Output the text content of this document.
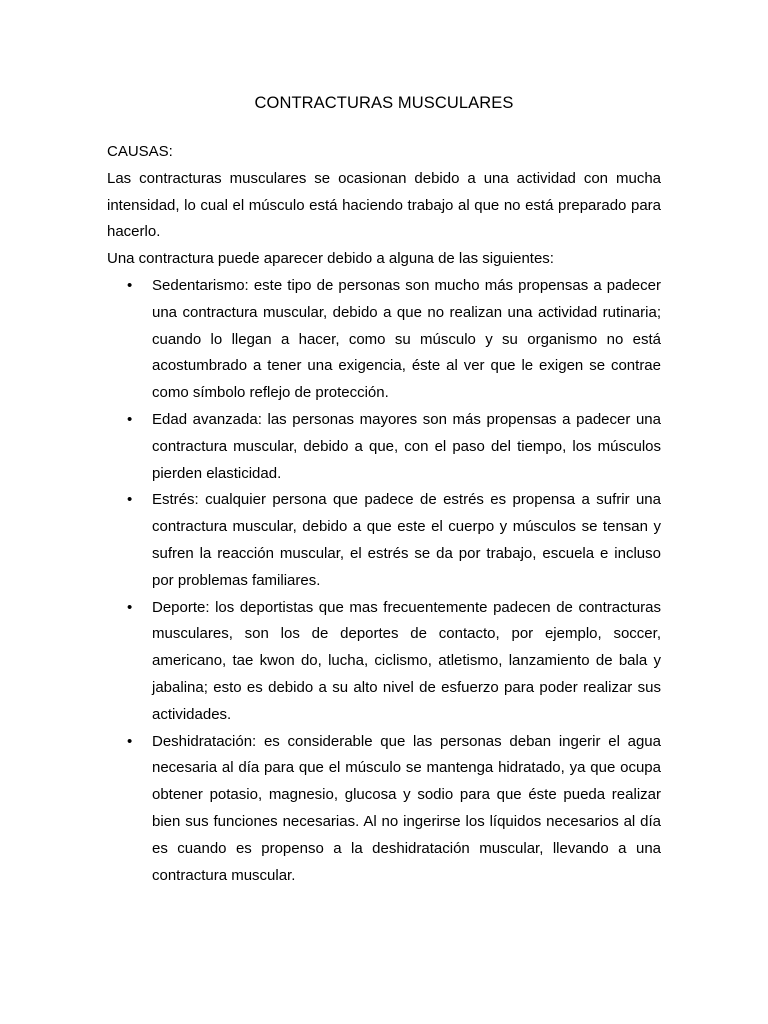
CONTRACTURAS MUSCULARES

CAUSAS:

Las contracturas musculares se ocasionan debido a una actividad con mucha intensidad, lo cual el músculo está haciendo trabajo al que no está preparado para hacerlo.

Una contractura puede aparecer debido a alguna de las siguientes:

• Sedentarismo: este tipo de personas son mucho más propensas a padecer una contractura muscular, debido a que no realizan una actividad rutinaria; cuando lo llegan a hacer, como su músculo y su organismo no está acostumbrado a tener una exigencia, éste al ver que le exigen se contrae como símbolo reflejo de protección.
• Edad avanzada: las personas mayores son más propensas a padecer una contractura muscular, debido a que, con el paso del tiempo, los músculos pierden elasticidad.
• Estrés: cualquier persona que padece de estrés es propensa a sufrir una contractura muscular, debido a que este el cuerpo y músculos se tensan y sufren la reacción muscular, el estrés se da por trabajo, escuela e incluso por problemas familiares.
• Deporte: los deportistas que mas frecuentemente padecen de contracturas musculares, son los de deportes de contacto, por ejemplo, soccer, americano, tae kwon do, lucha, ciclismo, atletismo, lanzamiento de bala y jabalina; esto es debido a su alto nivel de esfuerzo para poder realizar sus actividades.
• Deshidratación: es considerable que las personas deban ingerir el agua necesaria al día para que el músculo se mantenga hidratado, ya que ocupa obtener potasio, magnesio, glucosa y sodio para que éste pueda realizar bien sus funciones necesarias. Al no ingerirse los líquidos necesarios al día es cuando es propenso a la deshidratación muscular, llevando a una contractura muscular.
